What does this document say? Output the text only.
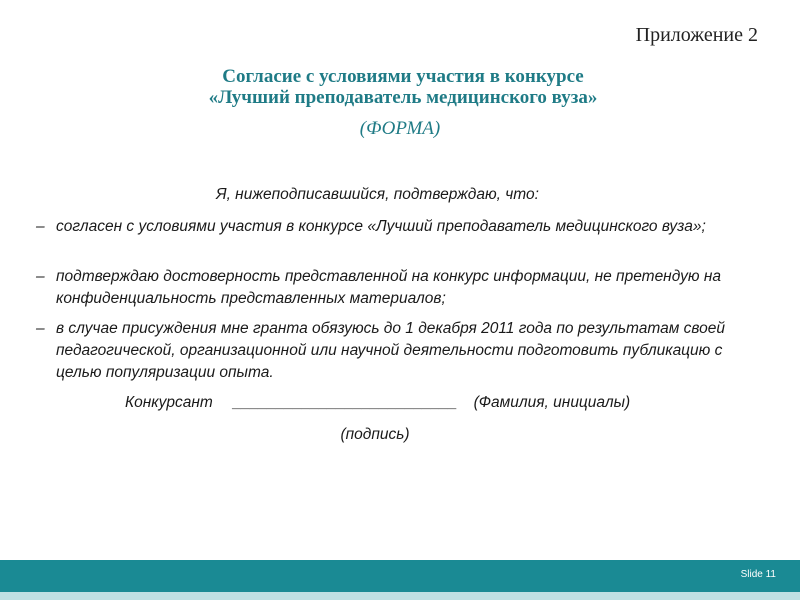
Приложение 2
Согласие с условиями участия в конкурсе
«Лучший преподаватель медицинского вуза»
(ФОРМА)
Я, нижеподписавшийся, подтверждаю, что:
– согласен с условиями участия в конкурсе «Лучший преподаватель медицинского вуза»;
– подтверждаю достоверность представленной на конкурс информации, не претендую на конфиденциальность представленных материалов;
– в случае присуждения мне гранта обязуюсь до 1 декабря 2011 года по результатам своей педагогической, организационной или научной деятельности подготовить публикацию с целью популяризации опыта.
Конкурсант __________________________ (Фамилия, инициалы)
(подпись)
Slide 11
